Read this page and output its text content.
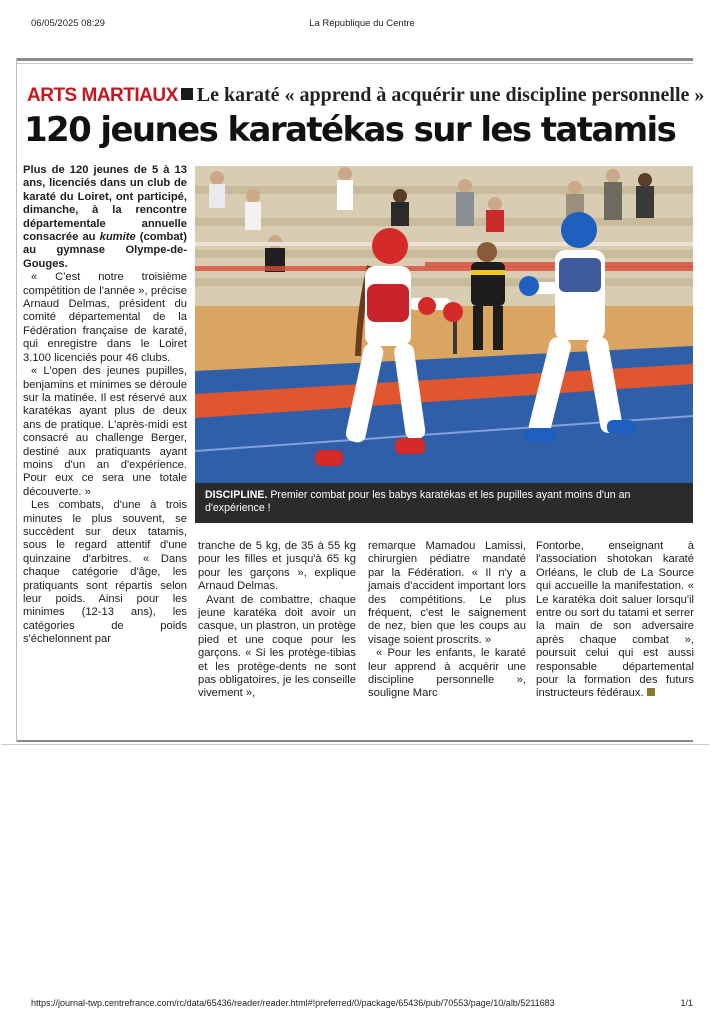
06/05/2025 08:29	La République du Centre
ARTS MARTIAUX Le karaté « apprend à acquérir une discipline personnelle »
120 jeunes karatékas sur les tatamis

Plus de 120 jeunes de 5 à 13 ans, licenciés dans un club de karaté du Loiret, ont participé, dimanche, à la rencontre départementale annuelle consacrée au kumite (combat) au gymnase Olympe-de-Gouges.

« C'est notre troisième compétition de l'année », précise Arnaud Delmas, président du comité départemental de la Fédération française de karaté, qui enregistre dans le Loiret 3.100 licenciés pour 46 clubs.

« L'open des jeunes pupilles, benjamins et minimes se déroule sur la matinée. Il est réservé aux karatékas ayant plus de deux ans de pratique. L'après-midi est consacré au challenge Berger, destiné aux pratiquants ayant moins d'un an d'expérience. Pour eux ce sera une totale découverte. »

Les combats, d'une à trois minutes le plus souvent, se succèdent sur deux tatamis, sous le regard attentif d'une quinzaine d'arbitres. « Dans chaque catégorie d'âge, les pratiquants sont répartis selon leur poids. Ainsi pour les minimes (12-13 ans), les catégories de poids s'échelonnent par

DISCIPLINE. Premier combat pour les babys karatékas et les pupilles ayant moins d'un an d'expérience !

tranche de 5 kg, de 35 à 55 kg pour les filles et jusqu'à 65 kg pour les garçons », explique Arnaud Delmas.

Avant de combattre, chaque jeune karatéka doit avoir un casque, un plastron, un protège pied et une coque pour les garçons. « Si les protège-tibias et les protège-dents ne sont pas obligatoires, je les conseille vivement »,

remarque Mamadou Lamissi, chirurgien pédiatre mandaté par la Fédération. « Il n'y a jamais d'accident important lors des compétitions. Le plus fréquent, c'est le saignement de nez, bien que les coups au visage soient proscrits. »

« Pour les enfants, le karaté leur apprend à acquérir une discipline personnelle », souligne Marc

Fontorbe, enseignant à l'association shotokan karaté Orléans, le club de La Source qui accueille la manifestation. « Le karatéka doit saluer lorsqu'il entre ou sort du tatami et serrer la main de son adversaire après chaque combat », poursuit celui qui est aussi responsable départemental pour la formation des futurs instructeurs fédéraux.

https://journal-twp.centrefrance.com/rc/data/65436/reader/reader.html#!preferred/0/package/65436/pub/70553/page/10/alb/5211683	1/1
